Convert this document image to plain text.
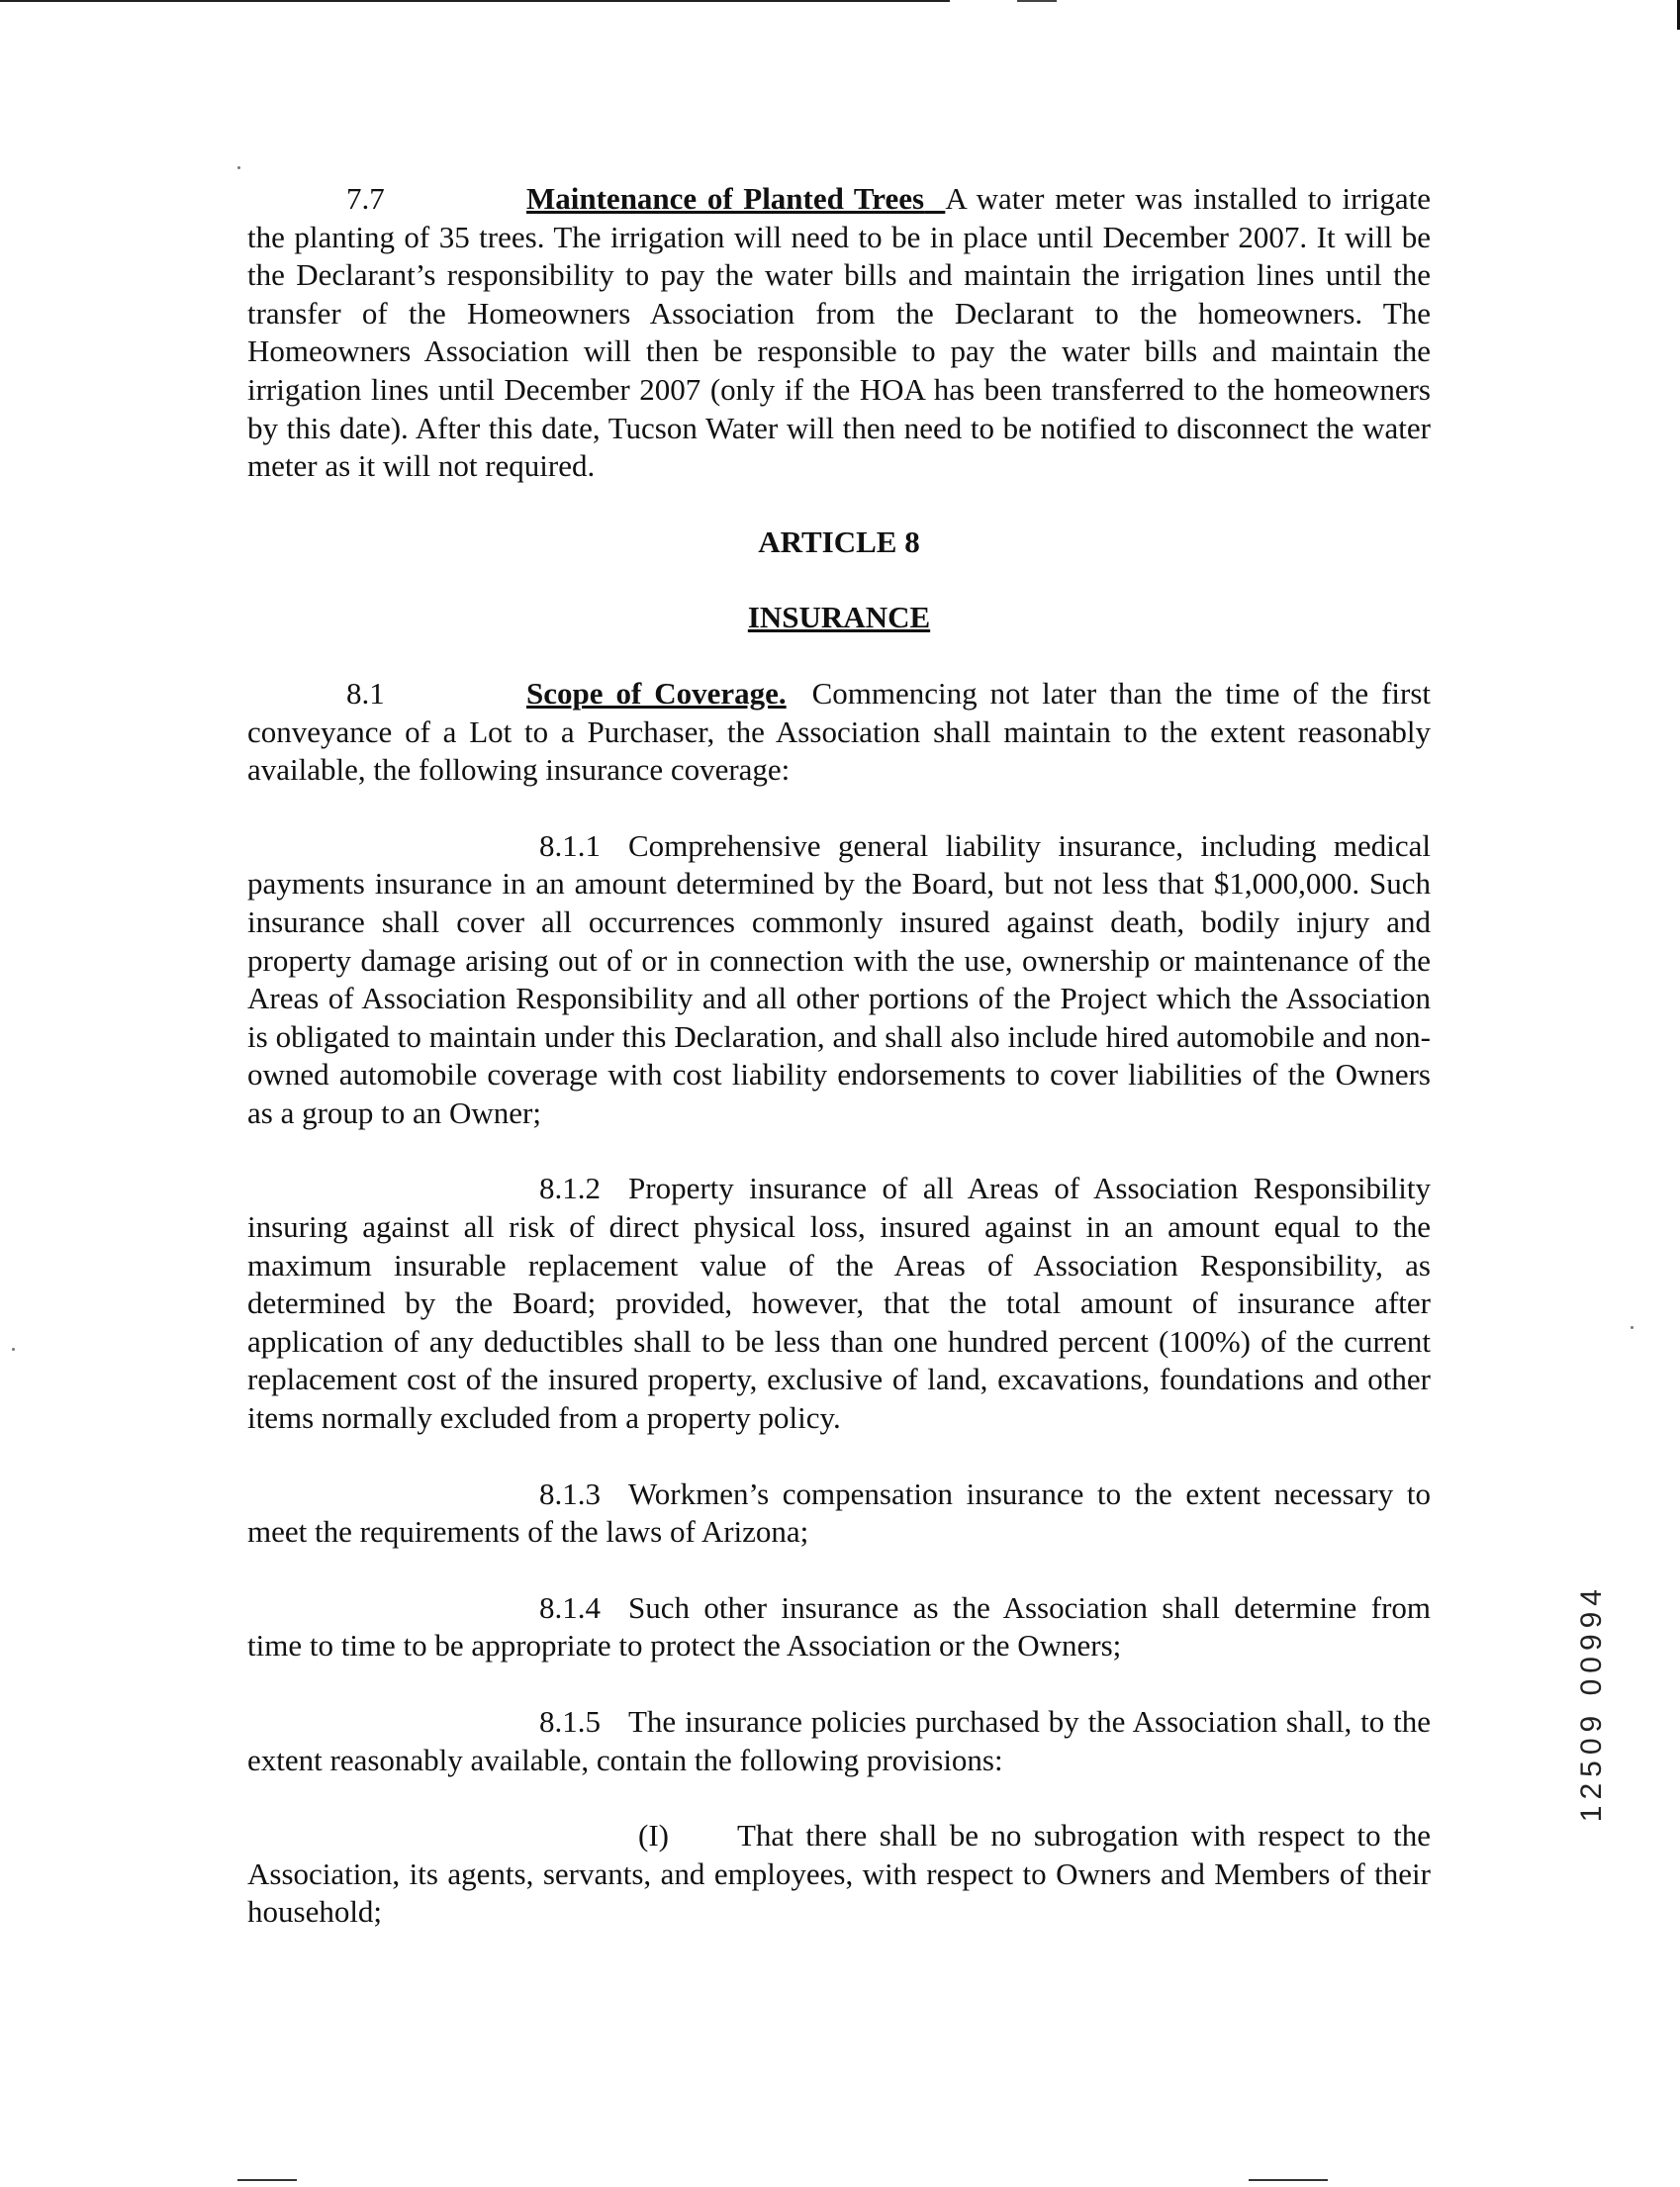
7.7	Maintenance of Planted Trees A water meter was installed to irrigate the planting of 35 trees. The irrigation will need to be in place until December 2007. It will be the Declarant’s responsibility to pay the water bills and maintain the irrigation lines until the transfer of the Homeowners Association from the Declarant to the homeowners. The Homeowners Association will then be responsible to pay the water bills and maintain the irrigation lines until December 2007 (only if the HOA has been transferred to the homeowners by this date). After this date, Tucson Water will then need to be notified to disconnect the water meter as it will not required.

ARTICLE 8

INSURANCE

8.1	Scope of Coverage. Commencing not later than the time of the first conveyance of a Lot to a Purchaser, the Association shall maintain to the extent reasonably available, the following insurance coverage:

8.1.1 Comprehensive general liability insurance, including medical payments insurance in an amount determined by the Board, but not less that $1,000,000. Such insurance shall cover all occurrences commonly insured against death, bodily injury and property damage arising out of or in connection with the use, ownership or maintenance of the Areas of Association Responsibility and all other portions of the Project which the Association is obligated to maintain under this Declaration, and shall also include hired automobile and non-owned automobile coverage with cost liability endorsements to cover liabilities of the Owners as a group to an Owner;

8.1.2 Property insurance of all Areas of Association Responsibility insuring against all risk of direct physical loss, insured against in an amount equal to the maximum insurable replacement value of the Areas of Association Responsibility, as determined by the Board; provided, however, that the total amount of insurance after application of any deductibles shall to be less than one hundred percent (100%) of the current replacement cost of the insured property, exclusive of land, excavations, foundations and other items normally excluded from a property policy.

8.1.3 Workmen’s compensation insurance to the extent necessary to meet the requirements of the laws of Arizona;

8.1.4 Such other insurance as the Association shall determine from time to time to be appropriate to protect the Association or the Owners;

8.1.5 The insurance policies purchased by the Association shall, to the extent reasonably available, contain the following provisions:

(I) That there shall be no subrogation with respect to the Association, its agents, servants, and employees, with respect to Owners and Members of their household;

12509 00994
